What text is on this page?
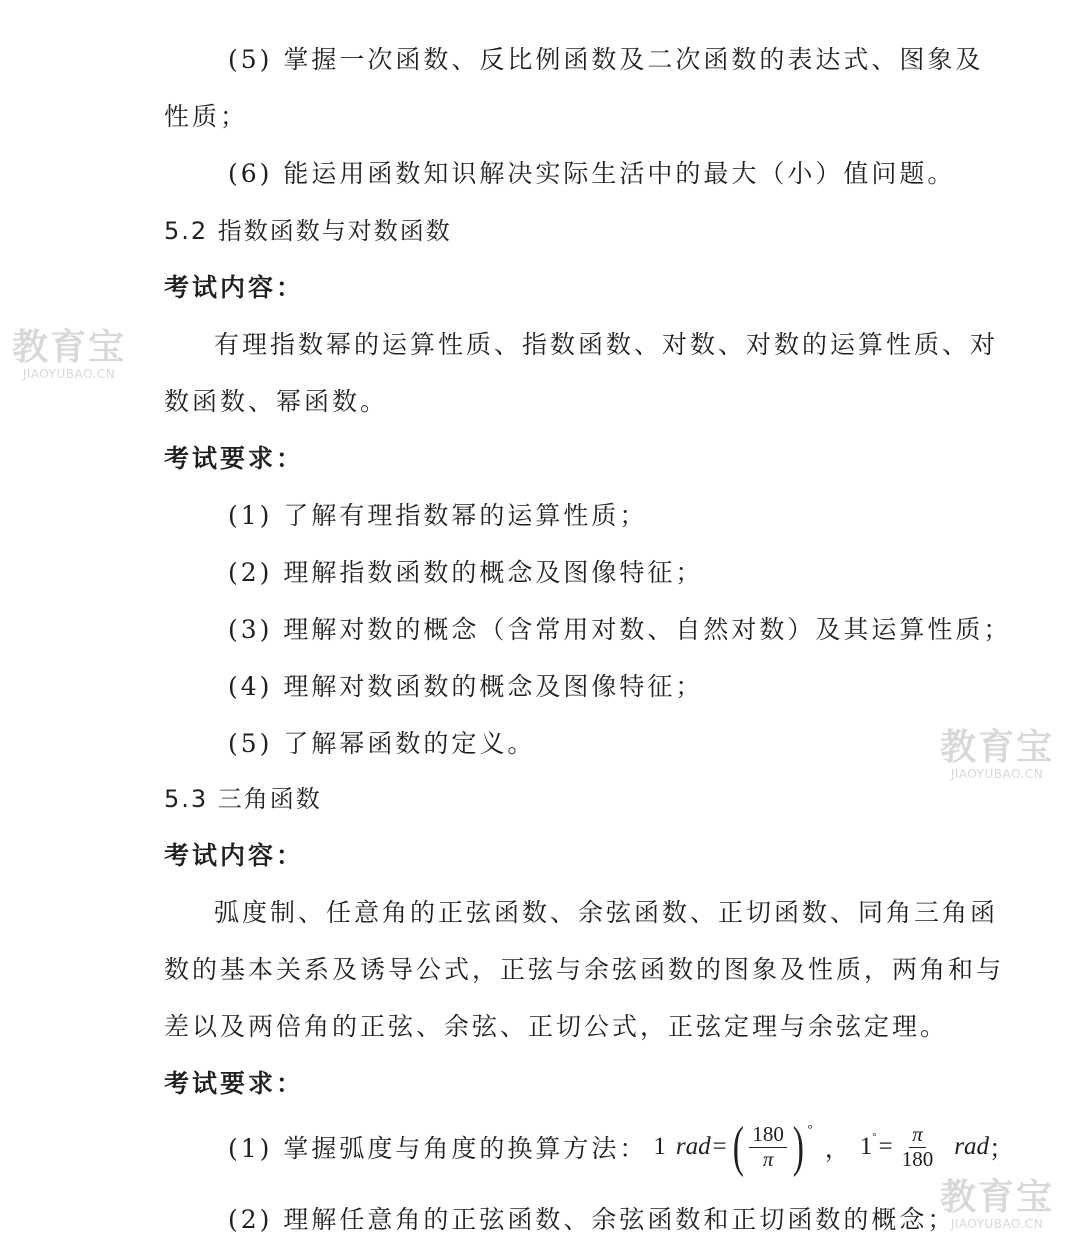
教育宝
JIAOYUBAO.CN
教育宝
JIAOYUBAO.CN
教育宝
JIAOYUBAO.CN
(5) 掌握一次函数、反比例函数及二次函数的表达式、图象及
性质；
(6) 能运用函数知识解决实际生活中的最大（小）值问题。
5.2 指数函数与对数函数
考试内容：
有理指数幂的运算性质、指数函数、对数、对数的运算性质、对
数函数、幂函数。
考试要求：
(1) 了解有理指数幂的运算性质；
(2) 理解指数函数的概念及图像特征；
(3) 理解对数的概念（含常用对数、自然对数）及其运算性质；
(4) 理解对数函数的概念及图像特征；
(5) 了解幂函数的定义。
5.3 三角函数
考试内容：
弧度制、任意角的正弦函数、余弦函数、正切函数、同角三角函
数的基本关系及诱导公式，正弦与余弦函数的图象及性质，两角和与
差以及两倍角的正弦、余弦、正切公式，正弦定理与余弦定理。
考试要求：
(1) 掌握弧度与角度的换算方法： 1 rad = ( $\frac{180}{\pi}$ ) °
， 1 ° = $\frac{\pi}{180}$ rad ；
(2) 理解任意角的正弦函数、余弦函数和正切函数的概念；
